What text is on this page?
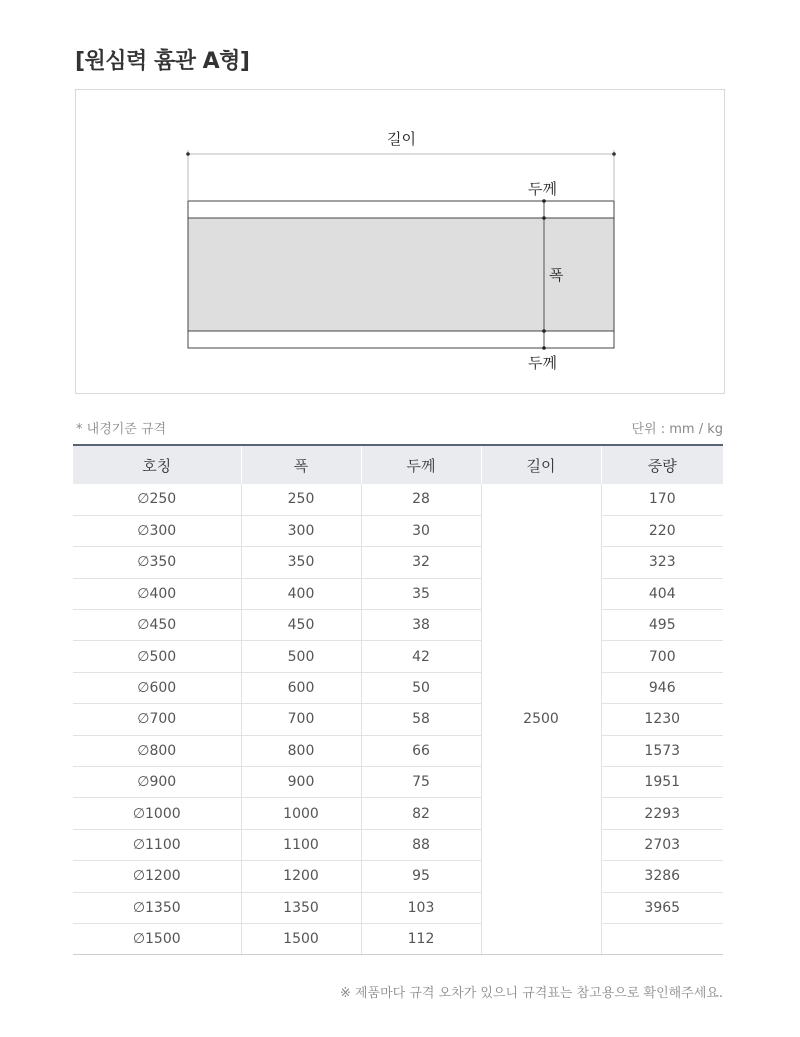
[원심력 흄관 A형]
길이
두께
폭
두께
* 내경기준 규격	단위 : mm / kg
호칭	폭	두께	길이	중량
∅250	250	28	2500	170
∅300	300	30		220
∅350	350	32		323
∅400	400	35		404
∅450	450	38		495
∅500	500	42		700
∅600	600	50		946
∅700	700	58		1230
∅800	800	66		1573
∅900	900	75		1951
∅1000	1000	82		2293
∅1100	1100	88		2703
∅1200	1200	95		3286
∅1350	1350	103		3965
∅1500	1500	112		
※ 제품마다 규격 오차가 있으니 규격표는 참고용으로 확인해주세요.
